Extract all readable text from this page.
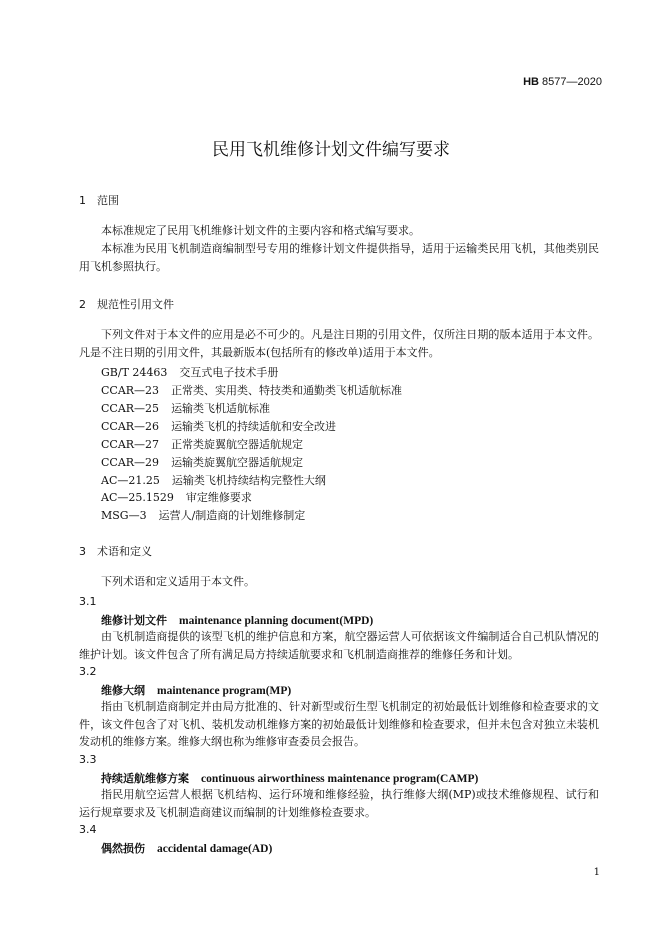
HB 8577—2020
民用飞机维修计划文件编写要求
1 范围
本标准规定了民用飞机维修计划文件的主要内容和格式编写要求。
本标准为民用飞机制造商编制型号专用的维修计划文件提供指导，适用于运输类民用飞机，其他类别民用飞机参照执行。
2 规范性引用文件
下列文件对于本文件的应用是必不可少的。凡是注日期的引用文件，仅所注日期的版本适用于本文件。凡是不注日期的引用文件，其最新版本(包括所有的修改单)适用于本文件。
GB/T 24463 交互式电子技术手册
CCAR—23 正常类、实用类、特技类和通勤类飞机适航标准
CCAR—25 运输类飞机适航标准
CCAR—26 运输类飞机的持续适航和安全改进
CCAR—27 正常类旋翼航空器适航规定
CCAR—29 运输类旋翼航空器适航规定
AC—21.25 运输类飞机持续结构完整性大纲
AC—25.1529 审定维修要求
MSG—3 运营人/制造商的计划维修制定
3 术语和定义
下列术语和定义适用于本文件。
3.1
维修计划文件 maintenance planning document(MPD)
由飞机制造商提供的该型飞机的维护信息和方案，航空器运营人可依据该文件编制适合自己机队情况的维护计划。该文件包含了所有满足局方持续适航要求和飞机制造商推荐的维修任务和计划。
3.2
维修大纲 maintenance program(MP)
指由飞机制造商制定并由局方批准的、针对新型或衍生型飞机制定的初始最低计划维修和检查要求的文件，该文件包含了对飞机、装机发动机维修方案的初始最低计划维修和检查要求，但并未包含对独立未装机发动机的维修方案。维修大纲也称为维修审查委员会报告。
3.3
持续适航维修方案 continuous airworthiness maintenance program(CAMP)
指民用航空运营人根据飞机结构、运行环境和维修经验，执行维修大纲(MP)或技术维修规程、试行和运行规章要求及飞机制造商建议而编制的计划维修检查要求。
3.4
偶然损伤 accidental damage(AD)
1
